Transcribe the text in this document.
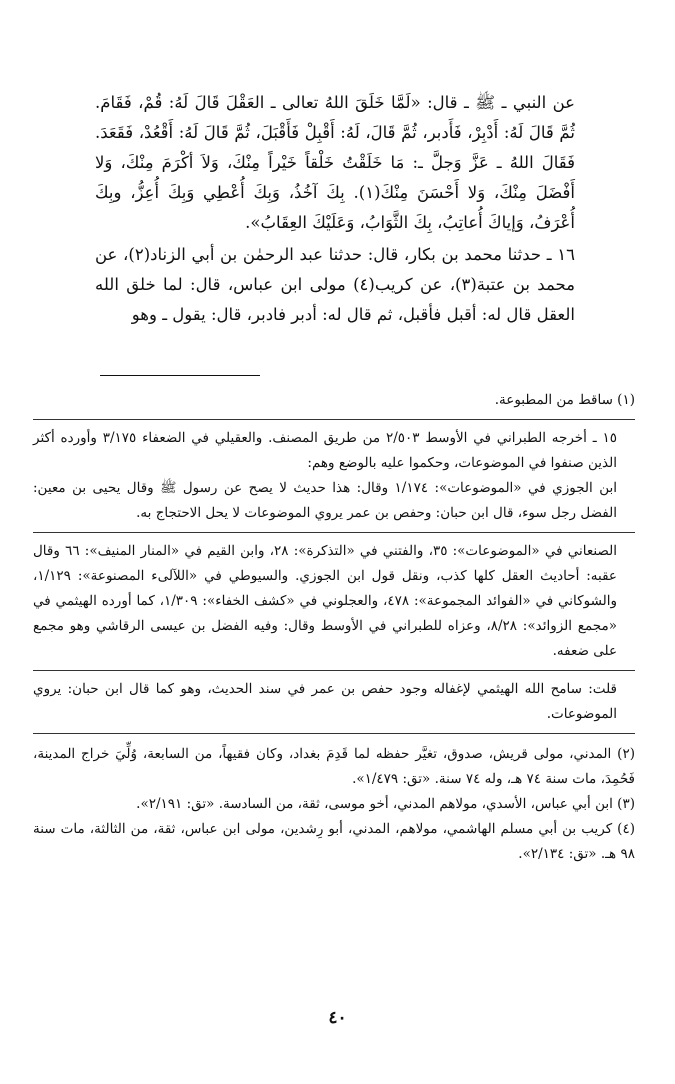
عن النبي ـ ﷺ ـ قال: «لَمَّا خَلَقَ اللهُ تعالى ـ العَقْلَ قَالَ لَهُ: قُمْ، فَقَامَ. ثُمَّ قَالَ لَهُ: أَدْبِرْ، فَأَدبر، ثُمَّ قَالَ، لَهُ: أَقْبِلْ فَأَقْبَلَ، ثُمَّ قَالَ لَهُ: أَقْعُدْ، فَقَعَدَ. فَقَالَ اللهُ ـ عَزَّ وَجلَّ ـ: مَا خَلَقْتُ خَلْقاً خَيْراً مِنْكَ، وَلاَ أكْرَمَ مِنْكَ، وَلا أَفْضَلَ مِنْكَ، وَلا أَحْسَنَ مِنْكَ(١). بِكَ آخُذُ، وَبِكَ أُعْطِي وَبِكَ أُعِزُّ، وبِكَ أُعْرَفُ، وَإياكَ أُعاتِبُ، بِكَ الثَّوَابُ، وَعَلَيْكَ العِقَابُ».

١٦ ـ حدثنا محمد بن بكار، قال: حدثنا عبد الرحمٰن بن أبي الزناد(٢)، عن محمد بن عتبة(٣)، عن كريب(٤) مولى ابن عباس، قال: لما خلق الله العقل قال له: أقبل فأقبل، ثم قال له: أدبر فادبر، قال: يقول ـ وهو

(١) ساقط من المطبوعة.

١٥ ـ أخرجه الطبراني في الأوسط ٢/٥٠٣ من طريق المصنف. والعقيلي في الضعفاء ٣/١٧٥ وأورده أكثر الذين صنفوا في الموضوعات، وحكموا عليه بالوضع وهم:

ابن الجوزي في «الموضوعات»: ١/١٧٤ وقال: هذا حديث لا يصح عن رسول ﷺ وقال يحيى بن معين: الفضل رجل سوء، قال ابن حبان: وحفص بن عمر يروي الموضوعات لا يحل الاحتجاج به.

الصنعاني في «الموضوعات»: ٣٥، والفتني في «التذكرة»: ٢٨، وابن القيم في «المنار المنيف»: ٦٦ وقال عقبه: أحاديث العقل كلها كذب، ونقل قول ابن الجوزي. والسيوطي في «اللآلىء المصنوعة»: ١/١٢٩، والشوكاني في «الفوائد المجموعة»: ٤٧٨، والعجلوني في «كشف الخفاء»: ١/٣٠٩، كما أورده الهيثمي في «مجمع الزوائد»: ٨/٢٨، وعزاه للطبراني في الأوسط وقال: وفيه الفضل بن عيسى الرقاشي وهو مجمع على ضعفه.

قلت: سامح الله الهيثمي لإغفاله وجود حفص بن عمر في سند الحديث، وهو كما قال ابن حبان: يروي الموضوعات.

(٢) المدني، مولى قريش، صدوق، تغيَّر حفظه لما قَدِمَ بغداد، وكان فقيهاً، من السابعة، وُلِّيَ خراج المدينة، فَحُمِدَ، مات سنة ٧٤ هـ، وله ٧٤ سنة. «تق: ١/٤٧٩».

(٣) ابن أبي عباس، الأسدي، مولاهم المدني، أخو موسى، ثقة، من السادسة. «تق: ٢/١٩١».

(٤) كريب بن أبي مسلم الهاشمي، مولاهم، المدني، أبو رِشدين، مولى ابن عباس، ثقة، من الثالثة، مات سنة ٩٨ هـ. «تق: ٢/١٣٤».

٤٠
